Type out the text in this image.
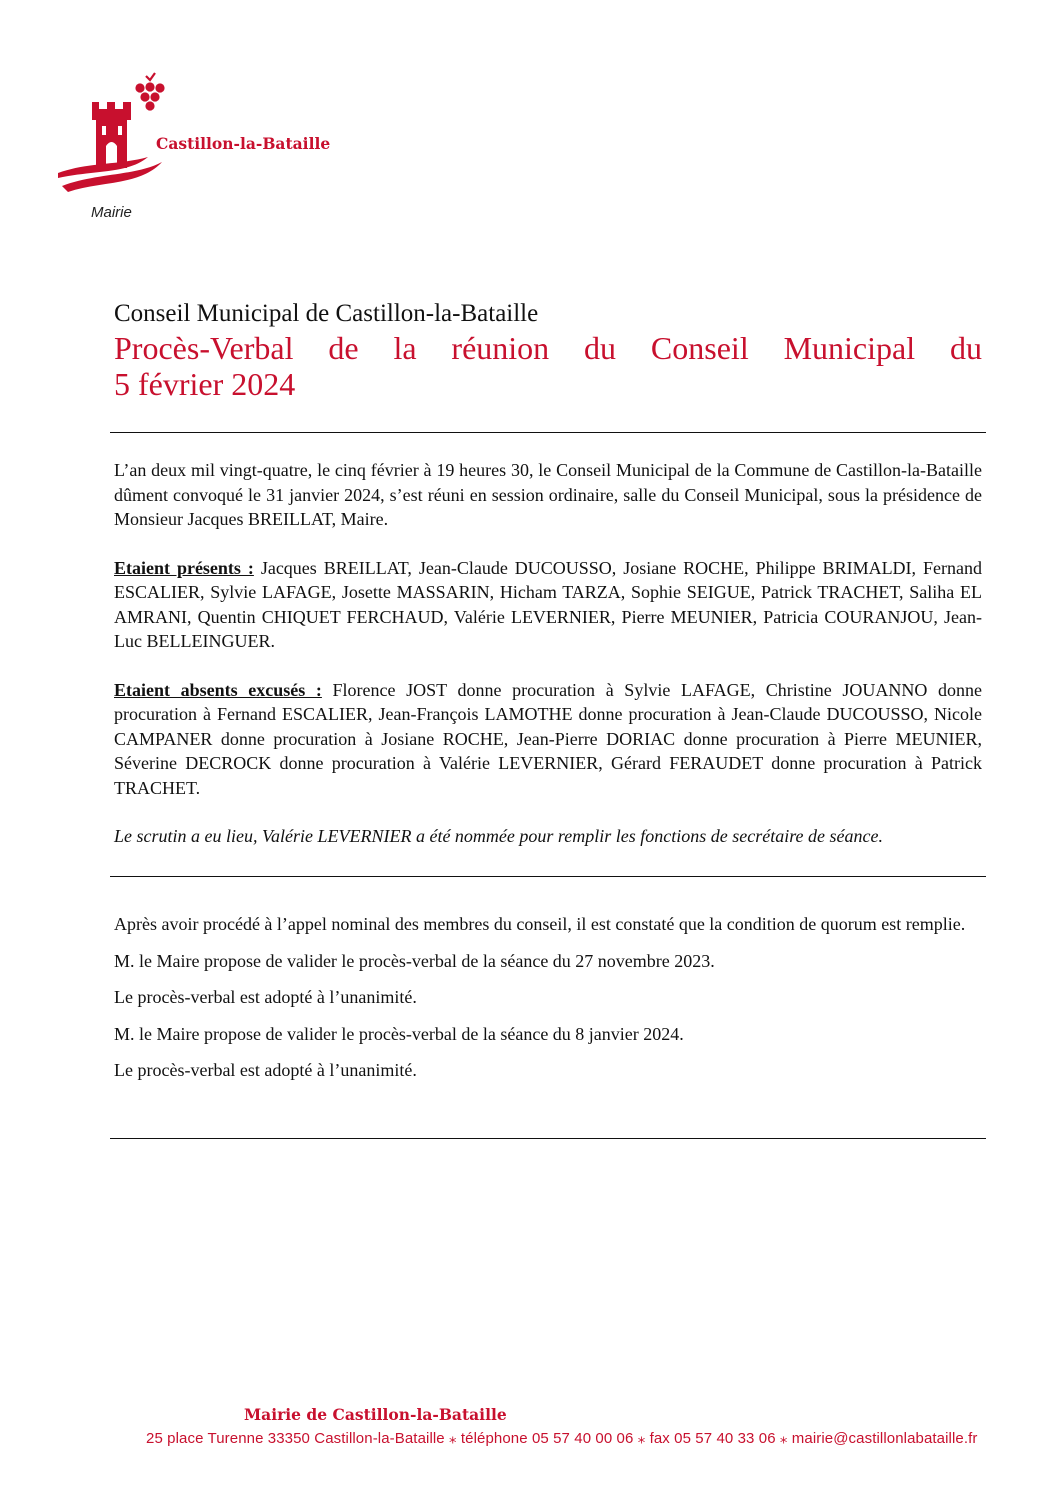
Castillon-la-Bataille
Mairie
Conseil Municipal de Castillon-la-Bataille
Procès-Verbal de la réunion du Conseil Municipal du
5 février 2024

L’an deux mil vingt-quatre, le cinq février à 19 heures 30, le Conseil Municipal de la Commune de Castillon-la-Bataille dûment convoqué le 31 janvier 2024, s’est réuni en session ordinaire, salle du Conseil Municipal, sous la présidence de Monsieur Jacques BREILLAT, Maire.

Etaient présents : Jacques BREILLAT, Jean-Claude DUCOUSSO, Josiane ROCHE, Philippe BRIMALDI, Fernand ESCALIER, Sylvie LAFAGE, Josette MASSARIN, Hicham TARZA, Sophie SEIGUE, Patrick TRACHET, Saliha EL AMRANI, Quentin CHIQUET FERCHAUD, Valérie LEVERNIER, Pierre MEUNIER, Patricia COURANJOU, Jean-Luc BELLEINGUER.

Etaient absents excusés : Florence JOST donne procuration à Sylvie LAFAGE, Christine JOUANNO donne procuration à Fernand ESCALIER, Jean-François LAMOTHE donne procuration à Jean-Claude DUCOUSSO, Nicole CAMPANER donne procuration à Josiane ROCHE, Jean-Pierre DORIAC donne procuration à Pierre MEUNIER, Séverine DECROCK donne procuration à Valérie LEVERNIER, Gérard FERAUDET donne procuration à Patrick TRACHET.

Le scrutin a eu lieu, Valérie LEVERNIER a été nommée pour remplir les fonctions de secrétaire de séance.

Après avoir procédé à l’appel nominal des membres du conseil, il est constaté que la condition de quorum est remplie.

M. le Maire propose de valider le procès-verbal de la séance du 27 novembre 2023.

Le procès-verbal est adopté à l’unanimité.

M. le Maire propose de valider le procès-verbal de la séance du 8 janvier 2024.

Le procès-verbal est adopté à l’unanimité.

Mairie de Castillon-la-Bataille
25 place Turenne 33350 Castillon-la-Bataille ⁎ téléphone 05 57 40 00 06 ⁎ fax 05 57 40 33 06 ⁎ mairie@castillonlabataille.fr
